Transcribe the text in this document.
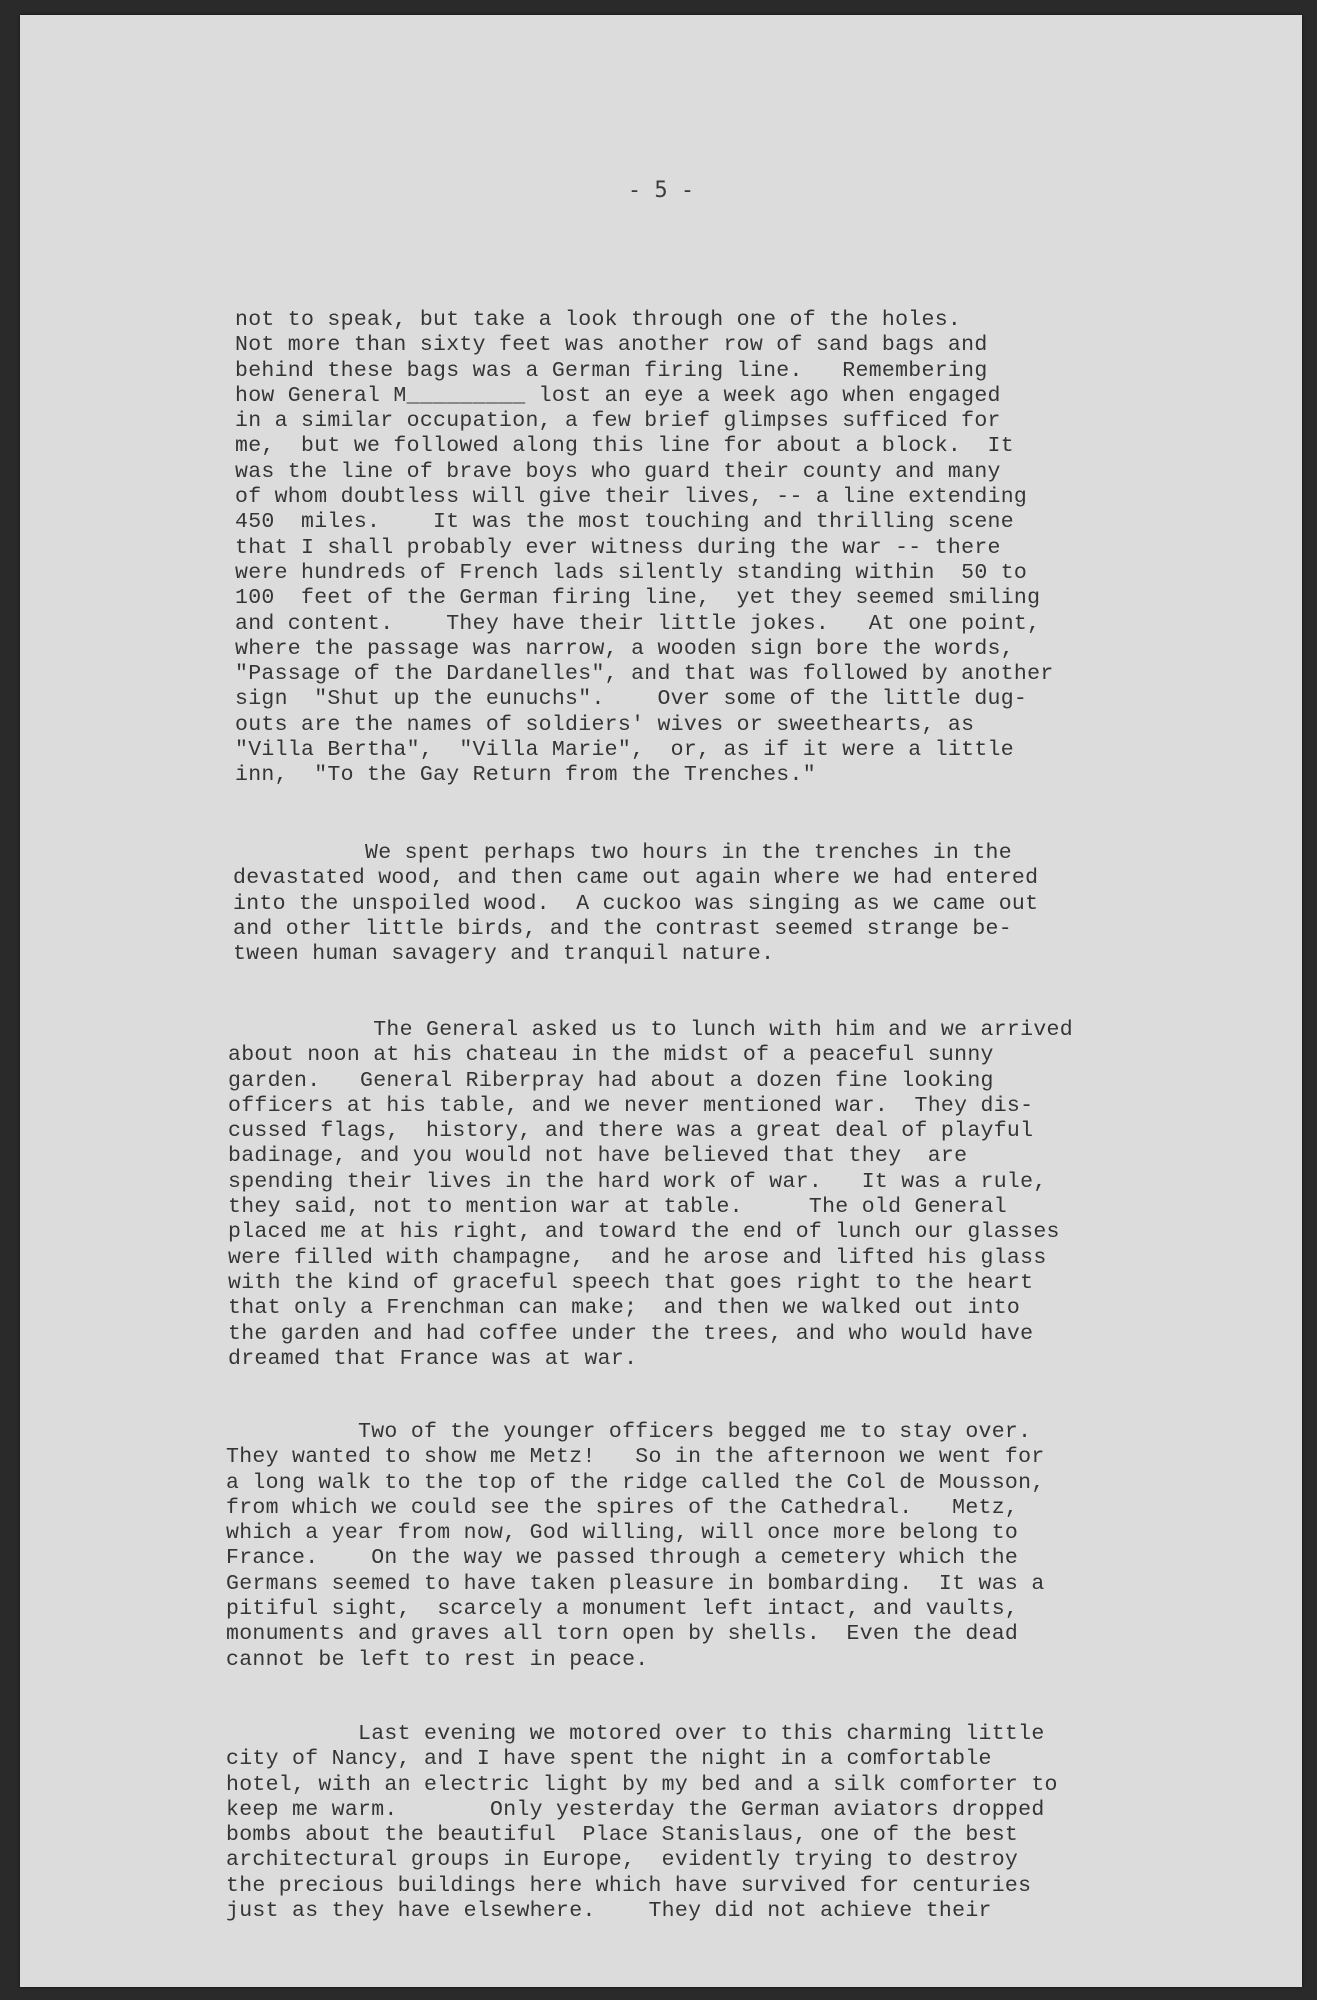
- 5 -

not to speak, but take a look through one of the holes.
Not more than sixty feet was another row of sand bags and
behind these bags was a German firing line.   Remembering
how General M_________ lost an eye a week ago when engaged
in a similar occupation, a few brief glimpses sufficed for
me,  but we followed along this line for about a block.  It
was the line of brave boys who guard their county and many
of whom doubtless will give their lives, -- a line extending
450  miles.    It was the most touching and thrilling scene
that I shall probably ever witness during the war -- there
were hundreds of French lads silently standing within  50 to
100  feet of the German firing line,  yet they seemed smiling
and content.    They have their little jokes.   At one point,
where the passage was narrow, a wooden sign bore the words,
"Passage of the Dardanelles", and that was followed by another
sign  "Shut up the eunuchs".    Over some of the little dug-
outs are the names of soldiers' wives or sweethearts, as
"Villa Bertha",  "Villa Marie",  or, as if it were a little
inn,  "To the Gay Return from the Trenches."

We spent perhaps two hours in the trenches in the
devastated wood, and then came out again where we had entered
into the unspoiled wood.  A cuckoo was singing as we came out
and other little birds, and the contrast seemed strange be-
tween human savagery and tranquil nature.

The General asked us to lunch with him and we arrived
about noon at his chateau in the midst of a peaceful sunny
garden.   General Riberpray had about a dozen fine looking
officers at his table, and we never mentioned war.  They dis-
cussed flags,  history, and there was a great deal of playful
badinage, and you would not have believed that they  are
spending their lives in the hard work of war.   It was a rule,
they said, not to mention war at table.     The old General
placed me at his right, and toward the end of lunch our glasses
were filled with champagne,  and he arose and lifted his glass
with the kind of graceful speech that goes right to the heart
that only a Frenchman can make;  and then we walked out into
the garden and had coffee under the trees, and who would have
dreamed that France was at war.

Two of the younger officers begged me to stay over.
They wanted to show me Metz!   So in the afternoon we went for
a long walk to the top of the ridge called the Col de Mousson,
from which we could see the spires of the Cathedral.   Metz,
which a year from now, God willing, will once more belong to
France.    On the way we passed through a cemetery which the
Germans seemed to have taken pleasure in bombarding.  It was a
pitiful sight,  scarcely a monument left intact, and vaults,
monuments and graves all torn open by shells.  Even the dead
cannot be left to rest in peace.

Last evening we motored over to this charming little
city of Nancy, and I have spent the night in a comfortable
hotel, with an electric light by my bed and a silk comforter to
keep me warm.       Only yesterday the German aviators dropped
bombs about the beautiful  Place Stanislaus, one of the best
architectural groups in Europe,  evidently trying to destroy
the precious buildings here which have survived for centuries
just as they have elsewhere.    They did not achieve their
